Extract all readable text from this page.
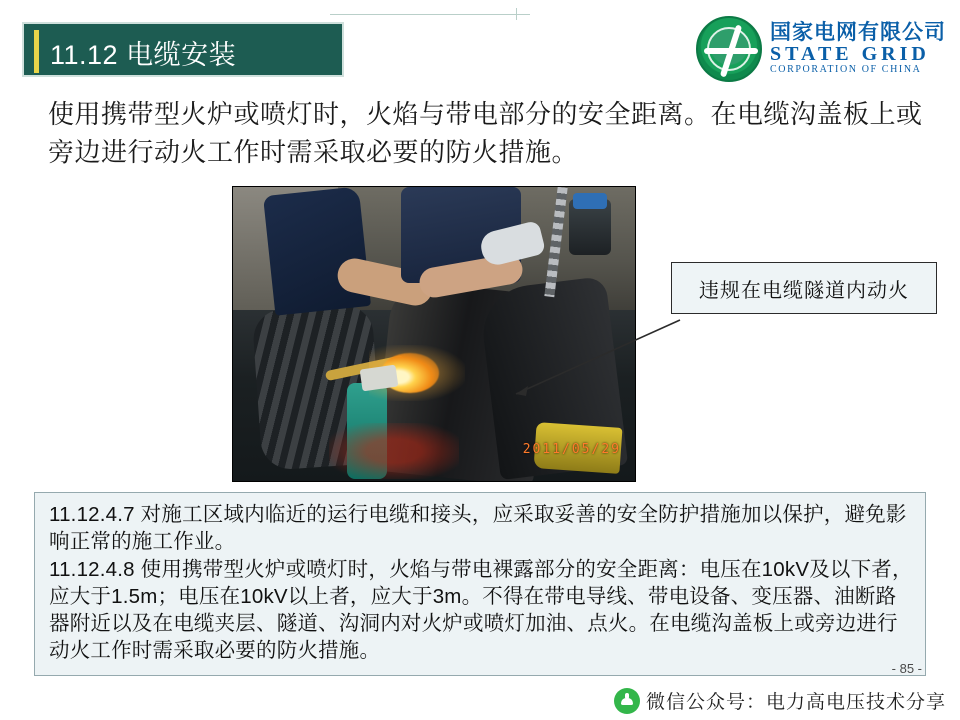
11.12 电缆安装
国家电网有限公司
STATE GRID
CORPORATION OF CHINA
使用携带型火炉或喷灯时，火焰与带电部分的安全距离。在电缆沟盖板上或旁边进行动火工作时需采取必要的防火措施。
2011/05/29
违规在电缆隧道内动火

11.12.4.7 对施工区域内临近的运行电缆和接头，应采取妥善的安全防护措施加以保护，避免影响正常的施工作业。

11.12.4.8 使用携带型火炉或喷灯时，火焰与带电裸露部分的安全距离：电压在10kV及以下者，应大于1.5m；电压在10kV以上者，应大于3m。不得在带电导线、带电设备、变压器、油断路器附近以及在电缆夹层、隧道、沟洞内对火炉或喷灯加油、点火。在电缆沟盖板上或旁边进行动火工作时需采取必要的防火措施。

- 85 -
微信公众号：电力高电压技术分享
